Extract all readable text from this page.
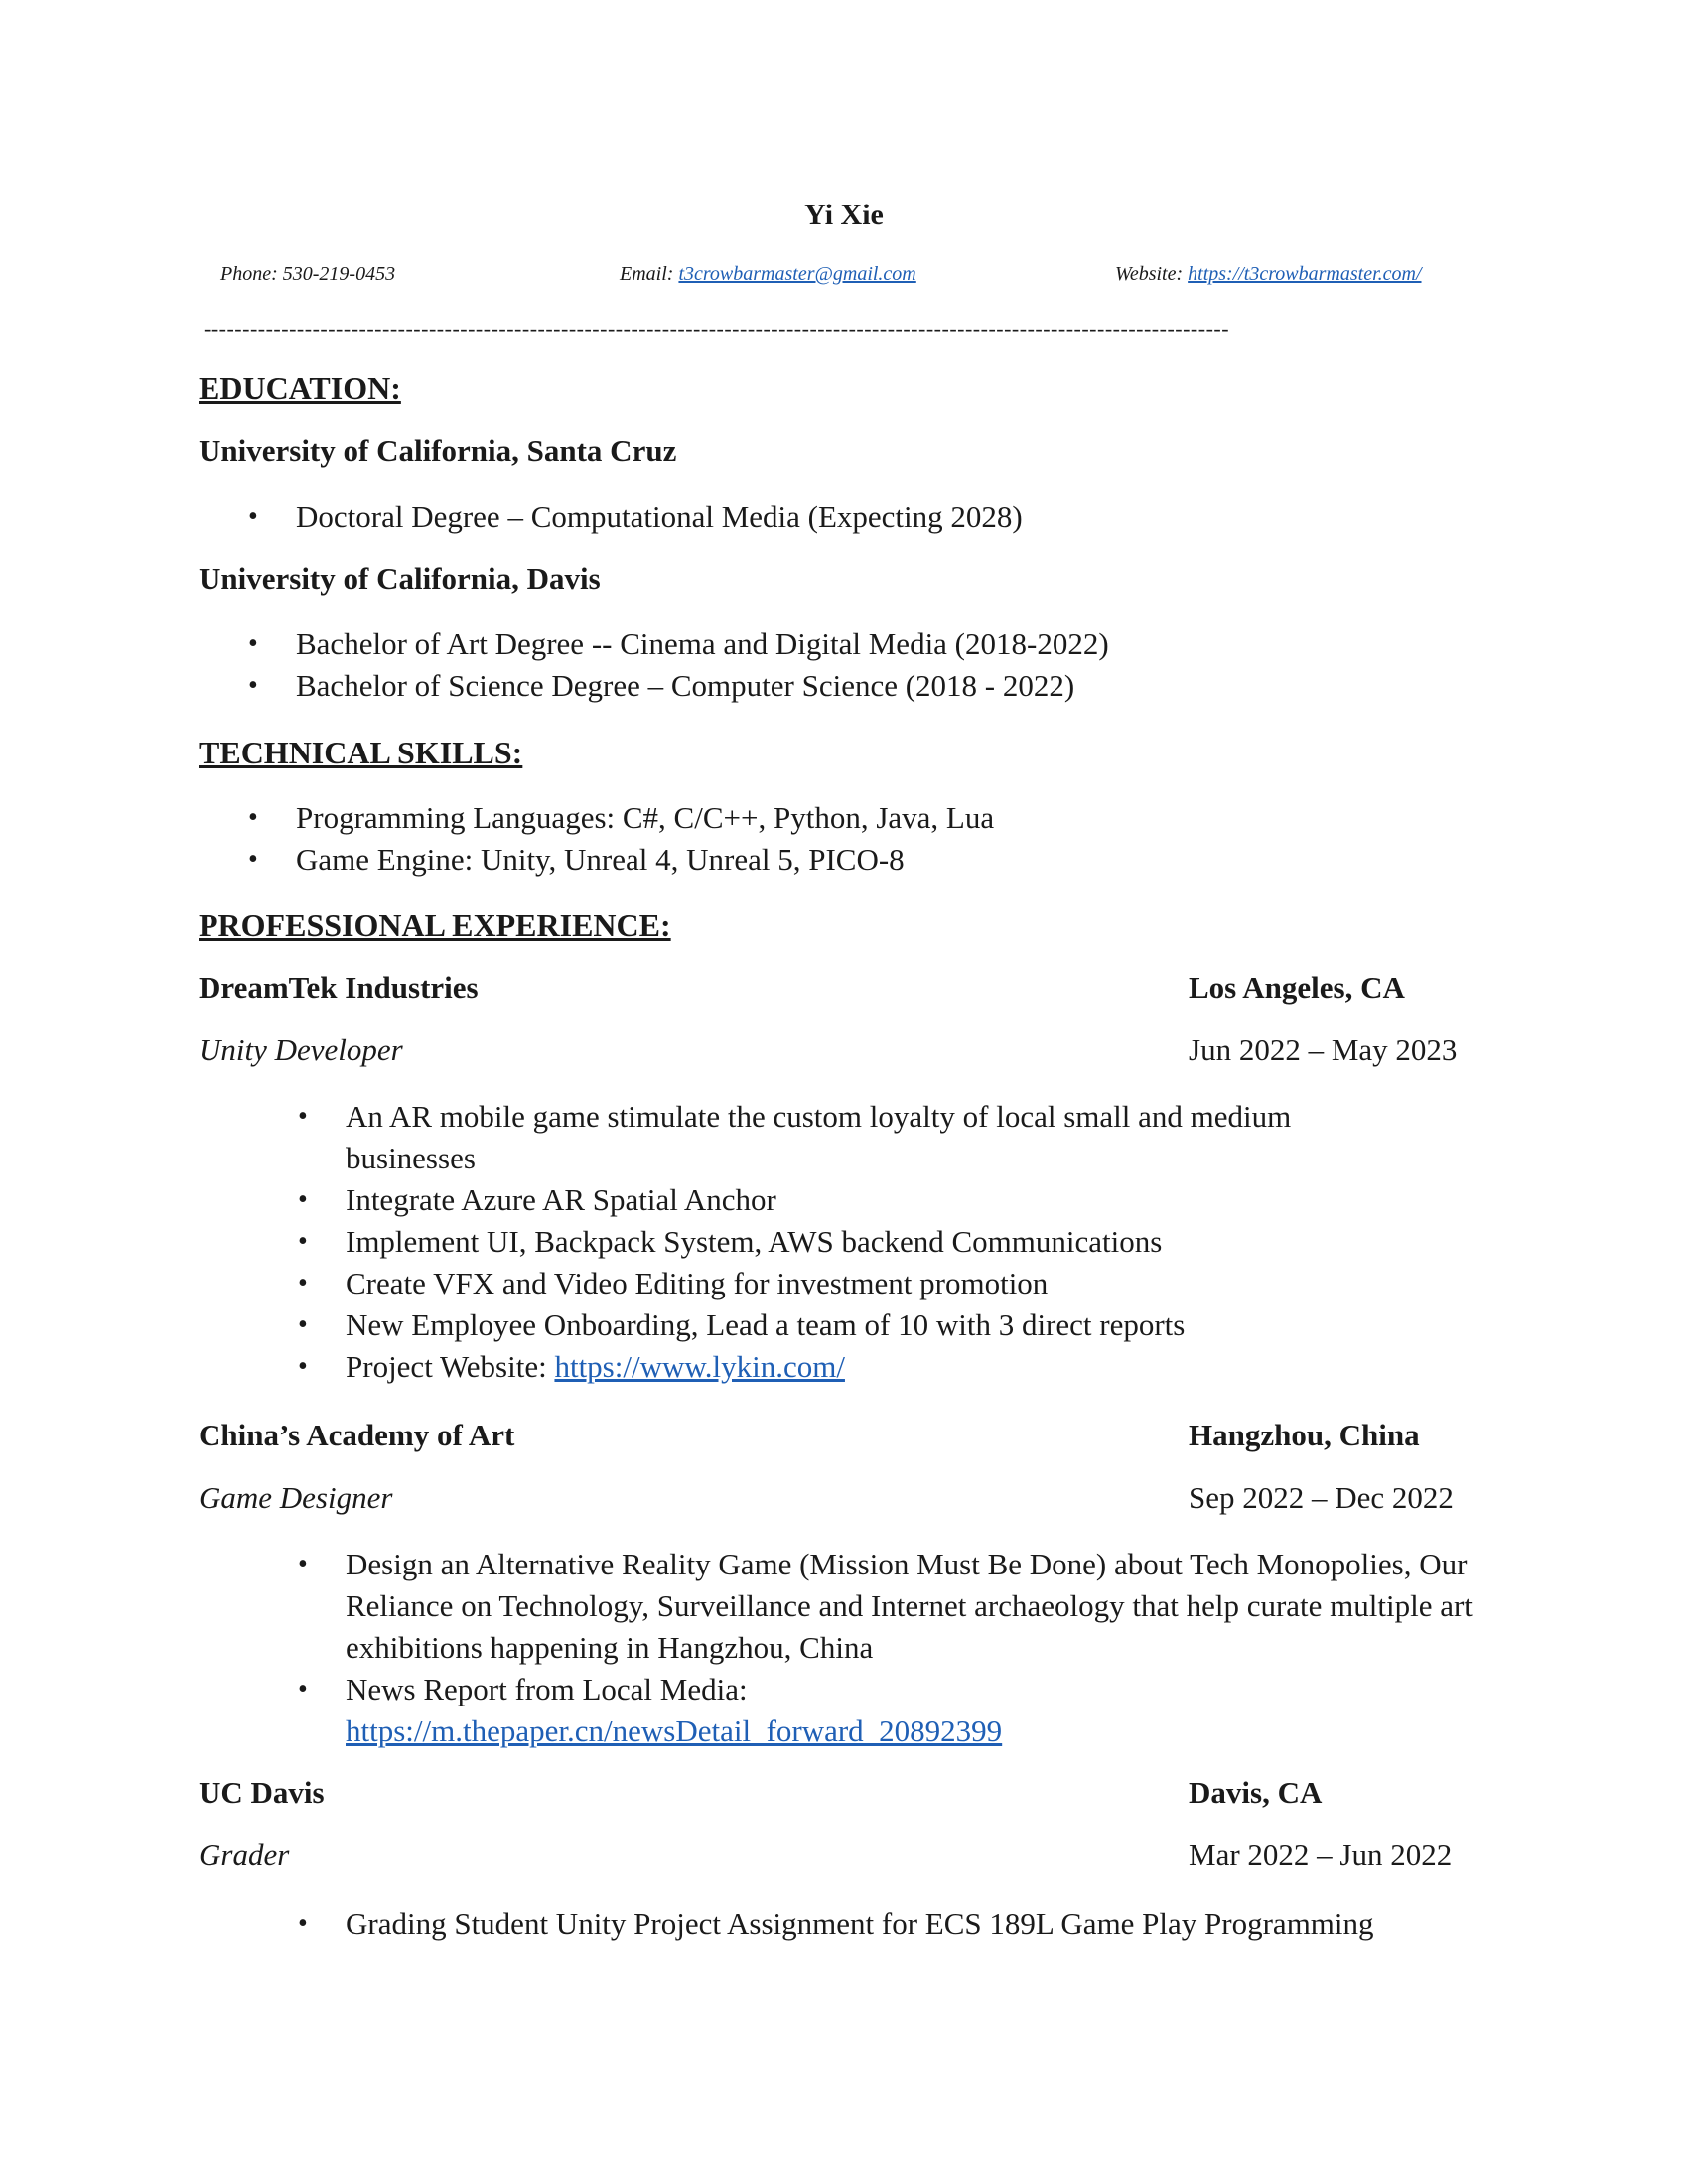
Yi Xie
Phone: 530-219-0453	Email: t3crowbarmaster@gmail.com	Website: https://t3crowbarmaster.com/
------------------------------------------------------------------------------------------------------------------------------------
EDUCATION:
University of California, Santa Cruz
• Doctoral Degree – Computational Media (Expecting 2028)
University of California, Davis
• Bachelor of Art Degree -- Cinema and Digital Media (2018-2022)
• Bachelor of Science Degree – Computer Science (2018 - 2022)
TECHNICAL SKILLS:
• Programming Languages: C#, C/C++, Python, Java, Lua
• Game Engine: Unity, Unreal 4, Unreal 5, PICO-8
PROFESSIONAL EXPERIENCE:
DreamTek Industries	Los Angeles, CA
Unity Developer	Jun 2022 – May 2023
• An AR mobile game stimulate the custom loyalty of local small and medium businesses
• Integrate Azure AR Spatial Anchor
• Implement UI, Backpack System, AWS backend Communications
• Create VFX and Video Editing for investment promotion
• New Employee Onboarding, Lead a team of 10 with 3 direct reports
• Project Website: https://www.lykin.com/
China’s Academy of Art	Hangzhou, China
Game Designer	Sep 2022 – Dec 2022
• Design an Alternative Reality Game (Mission Must Be Done) about Tech Monopolies, Our Reliance on Technology, Surveillance and Internet archaeology that help curate multiple art exhibitions happening in Hangzhou, China
• News Report from Local Media:
https://m.thepaper.cn/newsDetail_forward_20892399
UC Davis	Davis, CA
Grader	Mar 2022 – Jun 2022
• Grading Student Unity Project Assignment for ECS 189L Game Play Programming
